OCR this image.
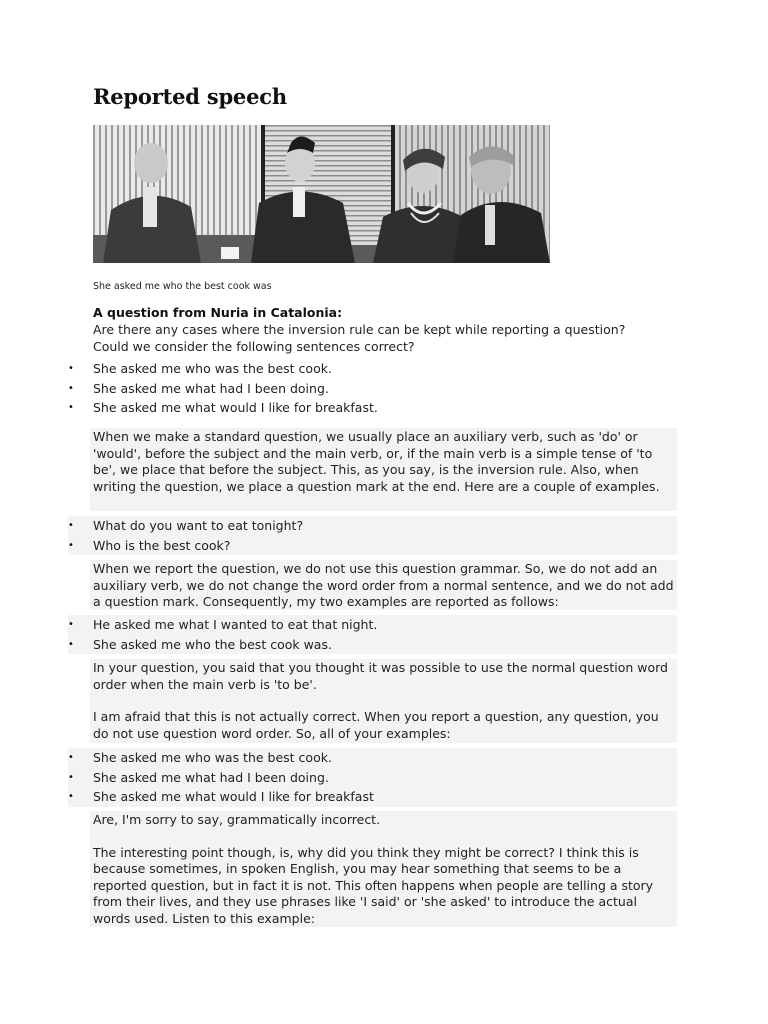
Reported speech
She asked me who the best cook was
A question from Nuria in Catalonia:

Are there any cases where the inversion rule can be kept while reporting a question? Could we consider the following sentences correct?

• She asked me who was the best cook.
• She asked me what had I been doing.
• She asked me what would I like for breakfast.

When we make a standard question, we usually place an auxiliary verb, such as 'do' or 'would', before the subject and the main verb, or, if the main verb is a simple tense of 'to be', we place that before the subject. This, as you say, is the inversion rule. Also, when writing the question, we place a question mark at the end. Here are a couple of examples.

• What do you want to eat tonight?
• Who is the best cook?

When we report the question, we do not use this question grammar. So, we do not add an auxiliary verb, we do not change the word order from a normal sentence, and we do not add a question mark. Consequently, my two examples are reported as follows:

• He asked me what I wanted to eat that night.
• She asked me who the best cook was.

In your question, you said that you thought it was possible to use the normal question word order when the main verb is 'to be'.

I am afraid that this is not actually correct. When you report a question, any question, you do not use question word order. So, all of your examples:

• She asked me who was the best cook.
• She asked me what had I been doing.
• She asked me what would I like for breakfast

Are, I'm sorry to say, grammatically incorrect.

The interesting point though, is, why did you think they might be correct? I think this is because sometimes, in spoken English, you may hear something that seems to be a reported question, but in fact it is not. This often happens when people are telling a story from their lives, and they use phrases like 'I said' or 'she asked' to introduce the actual words used. Listen to this example:
